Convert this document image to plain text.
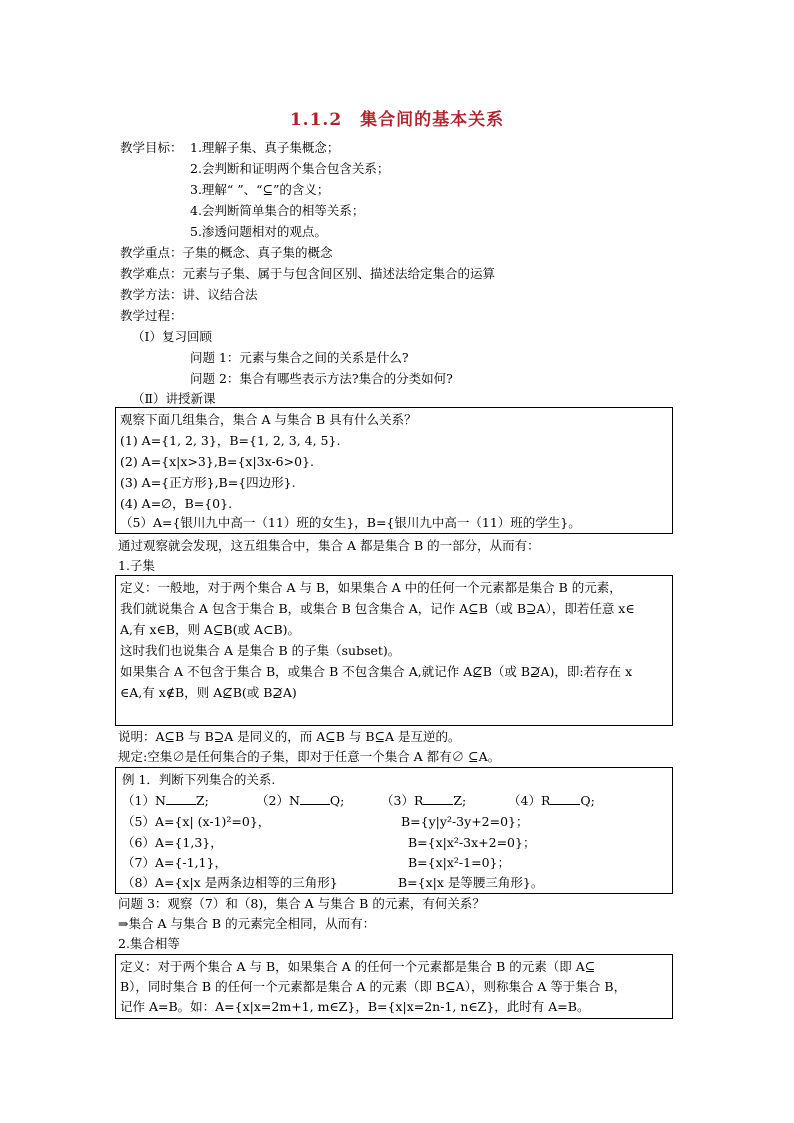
1.1.2　集合间的基本关系
教学目标： 1.理解子集、真子集概念；
2.会判断和证明两个集合包含关系；
3.理解“ ”、“⊆”的含义；
4.会判断简单集合的相等关系；
5.渗透问题相对的观点。
教学重点：子集的概念、真子集的概念
教学难点：元素与子集、属于与包含间区别、描述法给定集合的运算
教学方法：讲、议结合法
教学过程：
（I）复习回顾
问题 1：元素与集合之间的关系是什么?
问题 2：集合有哪些表示方法?集合的分类如何?
（Ⅱ）讲授新课
观察下面几组集合，集合 A 与集合 B 具有什么关系？
(1) A={1, 2, 3}，B={1, 2, 3, 4, 5}.
(2) A={x|x>3},B={x|3x-6>0}.
(3) A={正方形},B={四边形}.
(4) A=∅，B={0}.
（5）A={银川九中高一（11）班的女生}，B={银川九中高一（11）班的学生}。
通过观察就会发现，这五组集合中，集合 A 都是集合 B 的一部分，从而有：
1.子集
定义：一般地，对于两个集合 A 与 B，如果集合 A 中的任何一个元素都是集合 B 的元素，
我们就说集合 A 包含于集合 B，或集合 B 包含集合 A，记作 A⊆B（或 B⊇A），即若任意 x∈
A,有 x∈B，则 A⊆B(或 A⊂B)。
这时我们也说集合 A 是集合 B 的子集（subset)。
如果集合 A 不包含于集合 B，或集合 B 不包含集合 A,就记作 A⊈B（或 B⊉A)，即:若存在 x
∈A,有 x∉B，则 A⊈B(或 B⊉A)
说明：A⊆B 与 B⊇A 是同义的，而 A⊆B 与 B⊆A 是互逆的。
规定:空集∅是任何集合的子集，即对于任意一个集合 A 都有∅ ⊆A。
例 1．判断下列集合的关系.
（1）N Z;	（2）N Q;	（3）R Z;	（4）R Q;
（5）A={x| (x-1)²=0}，	B={y|y²-3y+2=0}；
（6）A={1,3}，	B={x|x²-3x+2=0}；
（7）A={-1,1}，	B={x|x²-1=0}；
（8）A={x|x 是两条边相等的三角形}	B={x|x 是等腰三角形}。
问题 3：观察（7）和（8)，集合 A 与集合 B 的元素，有何关系？
⇒集合 A 与集合 B 的元素完全相同，从而有：
2.集合相等
定义：对于两个集合 A 与 B，如果集合 A 的任何一个元素都是集合 B 的元素（即 A⊆
B），同时集合 B 的任何一个元素都是集合 A 的元素（即 B⊆A），则称集合 A 等于集合 B，
记作 A=B。如：A={x|x=2m+1, m∈Z}，B={x|x=2n-1, n∈Z}，此时有 A=B。
